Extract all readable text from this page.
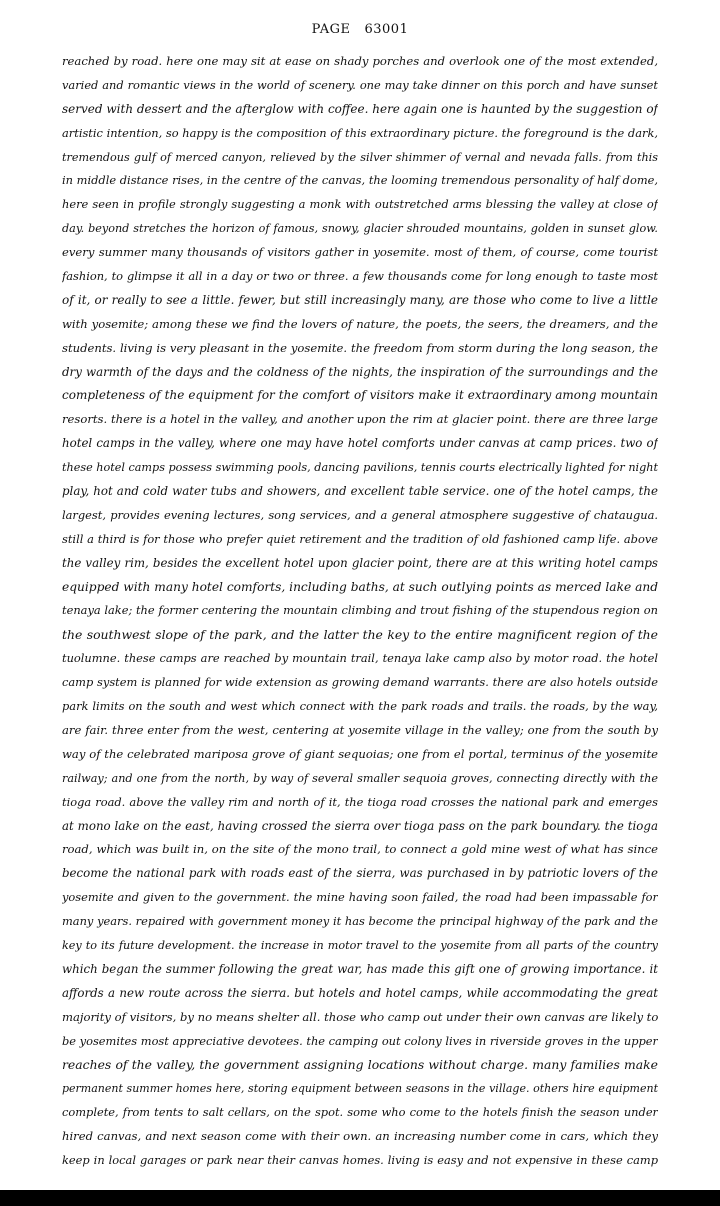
PAGE 63001
reached by road. here one may sit at ease on shady porches and overlook one of the most extended,
varied and romantic views in the world of scenery. one may take dinner on this porch and have sunset
served with dessert and the afterglow with coffee. here again one is haunted by the suggestion of
artistic intention, so happy is the composition of this extraordinary picture. the foreground is the dark,
tremendous gulf of merced canyon, relieved by the silver shimmer of vernal and nevada falls. from this
in middle distance rises, in the centre of the canvas, the looming tremendous personality of half dome,
here seen in profile strongly suggesting a monk with outstretched arms blessing the valley at close of
day. beyond stretches the horizon of famous, snowy, glacier shrouded mountains, golden in sunset glow.
every summer many thousands of visitors gather in yosemite. most of them, of course, come tourist
fashion, to glimpse it all in a day or two or three. a few thousands come for long enough to taste most
of it, or really to see a little. fewer, but still increasingly many, are those who come to live a little
with yosemite; among these we find the lovers of nature, the poets, the seers, the dreamers, and the
students. living is very pleasant in the yosemite. the freedom from storm during the long season, the
dry warmth of the days and the coldness of the nights, the inspiration of the surroundings and the
completeness of the equipment for the comfort of visitors make it extraordinary among mountain
resorts. there is a hotel in the valley, and another upon the rim at glacier point. there are three large
hotel camps in the valley, where one may have hotel comforts under canvas at camp prices. two of
these hotel camps possess swimming pools, dancing pavilions, tennis courts electrically lighted for night
play, hot and cold water tubs and showers, and excellent table service. one of the hotel camps, the
largest, provides evening lectures, song services, and a general atmosphere suggestive of chataugua.
still a third is for those who prefer quiet retirement and the tradition of old fashioned camp life. above
the valley rim, besides the excellent hotel upon glacier point, there are at this writing hotel camps
equipped with many hotel comforts, including baths, at such outlying points as merced lake and
tenaya lake; the former centering the mountain climbing and trout fishing of the stupendous region on
the southwest slope of the park, and the latter the key to the entire magnificent region of the
tuolumne. these camps are reached by mountain trail, tenaya lake camp also by motor road. the hotel
camp system is planned for wide extension as growing demand warrants. there are also hotels outside
park limits on the south and west which connect with the park roads and trails. the roads, by the way,
are fair. three enter from the west, centering at yosemite village in the valley; one from the south by
way of the celebrated mariposa grove of giant sequoias; one from el portal, terminus of the yosemite
railway; and one from the north, by way of several smaller sequoia groves, connecting directly with the
tioga road. above the valley rim and north of it, the tioga road crosses the national park and emerges
at mono lake on the east, having crossed the sierra over tioga pass on the park boundary. the tioga
road, which was built in, on the site of the mono trail, to connect a gold mine west of what has since
become the national park with roads east of the sierra, was purchased in by patriotic lovers of the
yosemite and given to the government. the mine having soon failed, the road had been impassable for
many years. repaired with government money it has become the principal highway of the park and the
key to its future development. the increase in motor travel to the yosemite from all parts of the country
which began the summer following the great war, has made this gift one of growing importance. it
affords a new route across the sierra. but hotels and hotel camps, while accommodating the great
majority of visitors, by no means shelter all. those who camp out under their own canvas are likely to
be yosemites most appreciative devotees. the camping out colony lives in riverside groves in the upper
reaches of the valley, the government assigning locations without charge. many families make
permanent summer homes here, storing equipment between seasons in the village. others hire equipment
complete, from tents to salt cellars, on the spot. some who come to the hotels finish the season under
hired canvas, and next season come with their own. an increasing number come in cars, which they
keep in local garages or park near their canvas homes. living is easy and not expensive in these camp
